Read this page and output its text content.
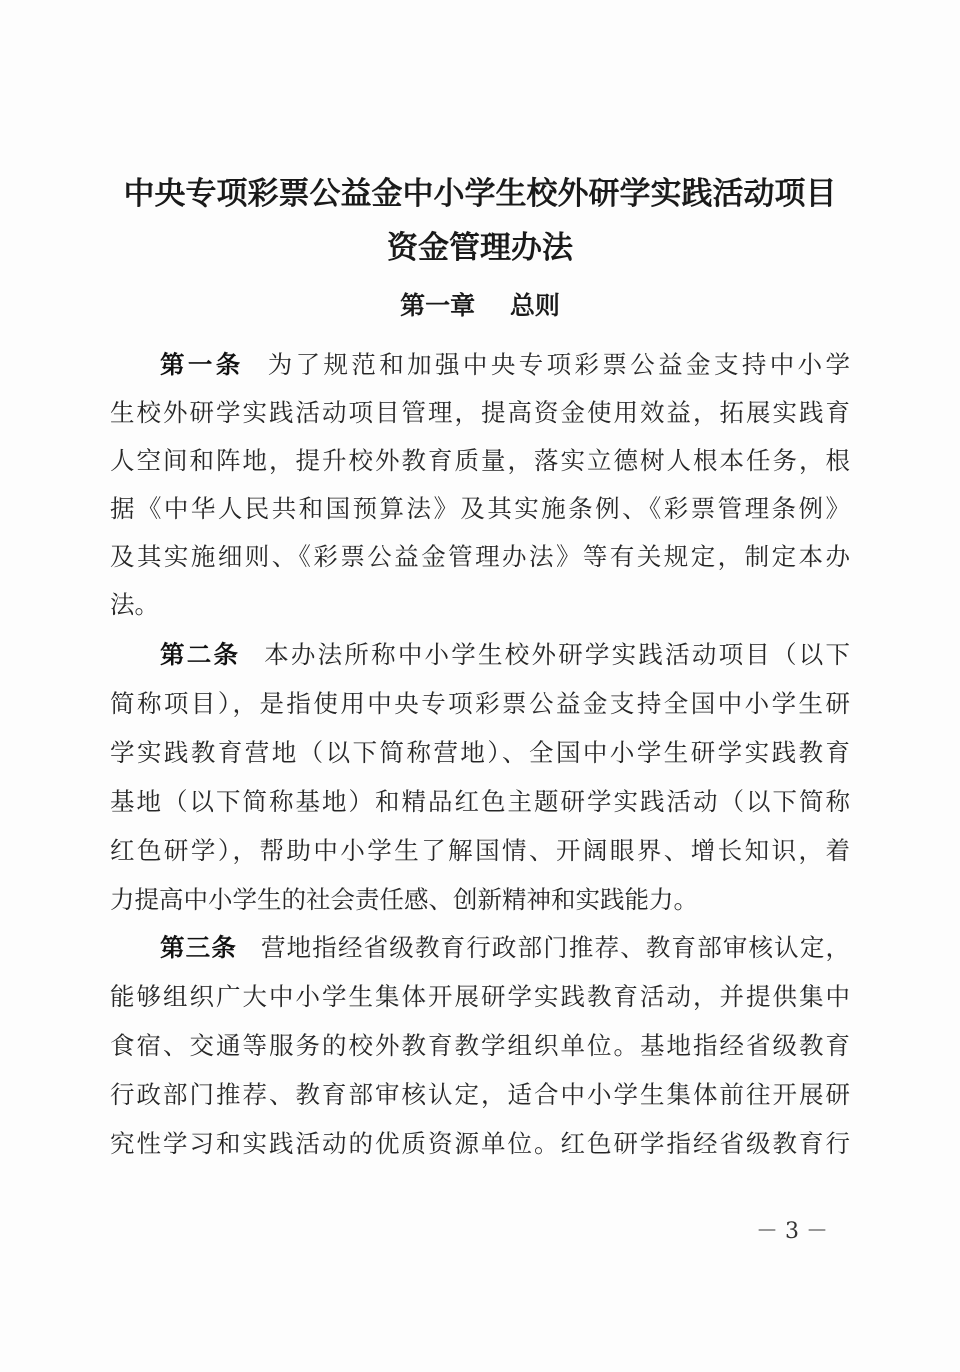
中央专项彩票公益金中小学生校外研学实践活动项目
资金管理办法
第一章    总则

第一条 为了规范和加强中央专项彩票公益金支持中小学

生校外研学实践活动项目管理，提高资金使用效益，拓展实践育

人空间和阵地，提升校外教育质量，落实立德树人根本任务，根

据《中华人民共和国预算法》及其实施条例、《彩票管理条例》

及其实施细则、《彩票公益金管理办法》等有关规定，制定本办

法。

第二条 本办法所称中小学生校外研学实践活动项目（以下

简称项目），是指使用中央专项彩票公益金支持全国中小学生研

学实践教育营地（以下简称营地）、全国中小学生研学实践教育

基地（以下简称基地）和精品红色主题研学实践活动（以下简称

红色研学），帮助中小学生了解国情、开阔眼界、增长知识，着

力提高中小学生的社会责任感、创新精神和实践能力。

第三条 营地指经省级教育行政部门推荐、教育部审核认定，

能够组织广大中小学生集体开展研学实践教育活动，并提供集中

食宿、交通等服务的校外教育教学组织单位。基地指经省级教育

行政部门推荐、教育部审核认定，适合中小学生集体前往开展研

究性学习和实践活动的优质资源单位。红色研学指经省级教育行

－ 3 －
